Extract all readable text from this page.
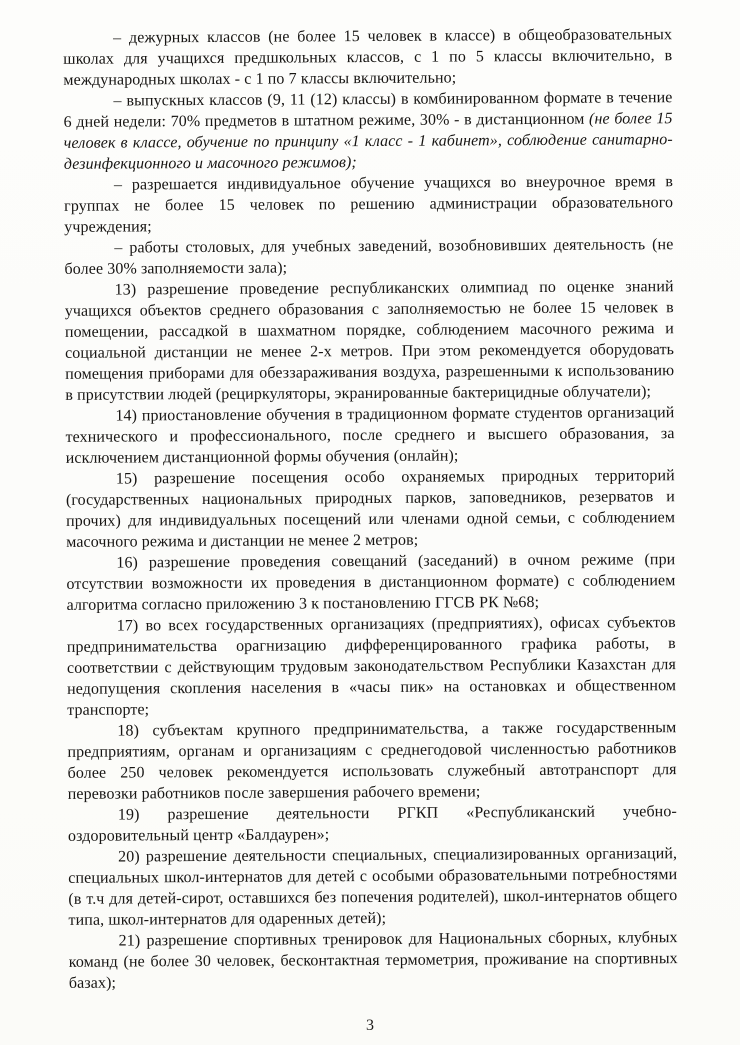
– дежурных классов (не более 15 человек в классе) в общеобразовательных школах для учащихся предшкольных классов, с 1 по 5 классы включительно, в международных школах - с 1 по 7 классы включительно;

– выпускных классов (9, 11 (12) классы) в комбинированном формате в течение 6 дней недели: 70% предметов в штатном режиме, 30% - в дистанционном (не более 15 человек в классе, обучение по принципу «1 класс - 1 кабинет», соблюдение санитарно-дезинфекционного и масочного режимов);

– разрешается индивидуальное обучение учащихся во внеурочное время в группах не более 15 человек по решению администрации образовательного учреждения;

– работы столовых, для учебных заведений, возобновивших деятельность (не более 30% заполняемости зала);

13) разрешение проведение республиканских олимпиад по оценке знаний учащихся объектов среднего образования с заполняемостью не более 15 человек в помещении, рассадкой в шахматном порядке, соблюдением масочного режима и социальной дистанции не менее 2-х метров. При этом рекомендуется оборудовать помещения приборами для обеззараживания воздуха, разрешенными к использованию в присутствии людей (рециркуляторы, экранированные бактерицидные облучатели);

14) приостановление обучения в традиционном формате студентов организаций технического и профессионального, после среднего и высшего образования, за исключением дистанционной формы обучения (онлайн);

15) разрешение посещения особо охраняемых природных территорий (государственных национальных природных парков, заповедников, резерватов и прочих) для индивидуальных посещений или членами одной семьи, с соблюдением масочного режима и дистанции не менее 2 метров;

16) разрешение проведения совещаний (заседаний) в очном режиме (при отсутствии возможности их проведения в дистанционном формате) с соблюдением алгоритма согласно приложению 3 к постановлению ГГСВ РК №68;

17) во всех государственных организациях (предприятиях), офисах субъектов предпринимательства орагнизацию дифференцированного графика работы, в соответствии с действующим трудовым законодательством Республики Казахстан для недопущения скопления населения в «часы пик» на остановках и общественном транспорте;

18) субъектам крупного предпринимательства, а также государственным предприятиям, органам и организациям с среднегодовой численностью работников более 250 человек рекомендуется использовать служебный автотранспорт для перевозки работников после завершения рабочего времени;

19) разрешение деятельности РГКП «Республиканский учебно-оздоровительный центр «Балдаурен»;

20) разрешение деятельности специальных, специализированных организаций, специальных школ-интернатов для детей с особыми образовательными потребностями (в т.ч для детей-сирот, оставшихся без попечения родителей), школ-интернатов общего типа, школ-интернатов для одаренных детей);

21) разрешение спортивных тренировок для Национальных сборных, клубных команд (не более 30 человек, бесконтактная термометрия, проживание на спортивных базах);

3
